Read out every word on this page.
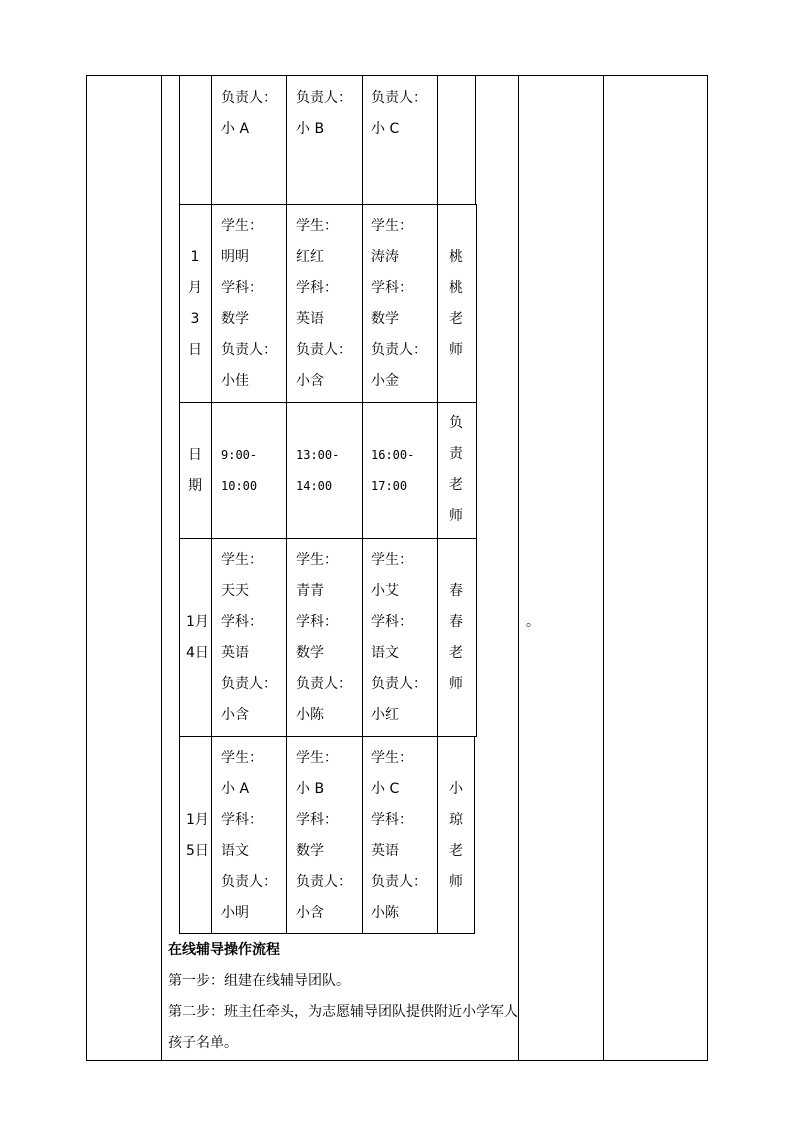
负责人：
小 A
负责人：
小 B
负责人：
小 C
1
月
3
日
学生：
明明
学科：
数学
负责人：
小佳
学生：
红红
学科：
英语
负责人：
小含
学生：
涛涛
学科：
数学
负责人：
小金
桃
桃
老
师
日
期
9:00-
10:00
13:00-
14:00
16:00-
17:00
负
责
老
师
1月
4日
学生：
天天
学科：
英语
负责人：
小含
学生：
青青
学科：
数学
负责人：
小陈
学生：
小艾
学科：
语文
负责人：
小红
春
春
老
师
1月
5日
学生：
小 A
学科：
语文
负责人：
小明
学生：
小 B
学科：
数学
负责人：
小含
学生：
小 C
学科：
英语
负责人：
小陈
小
琼
老
师
。
在线辅导操作流程
第一步：组建在线辅导团队。
第二步：班主任牵头，为志愿辅导团队提供附近小学军人
孩子名单。
